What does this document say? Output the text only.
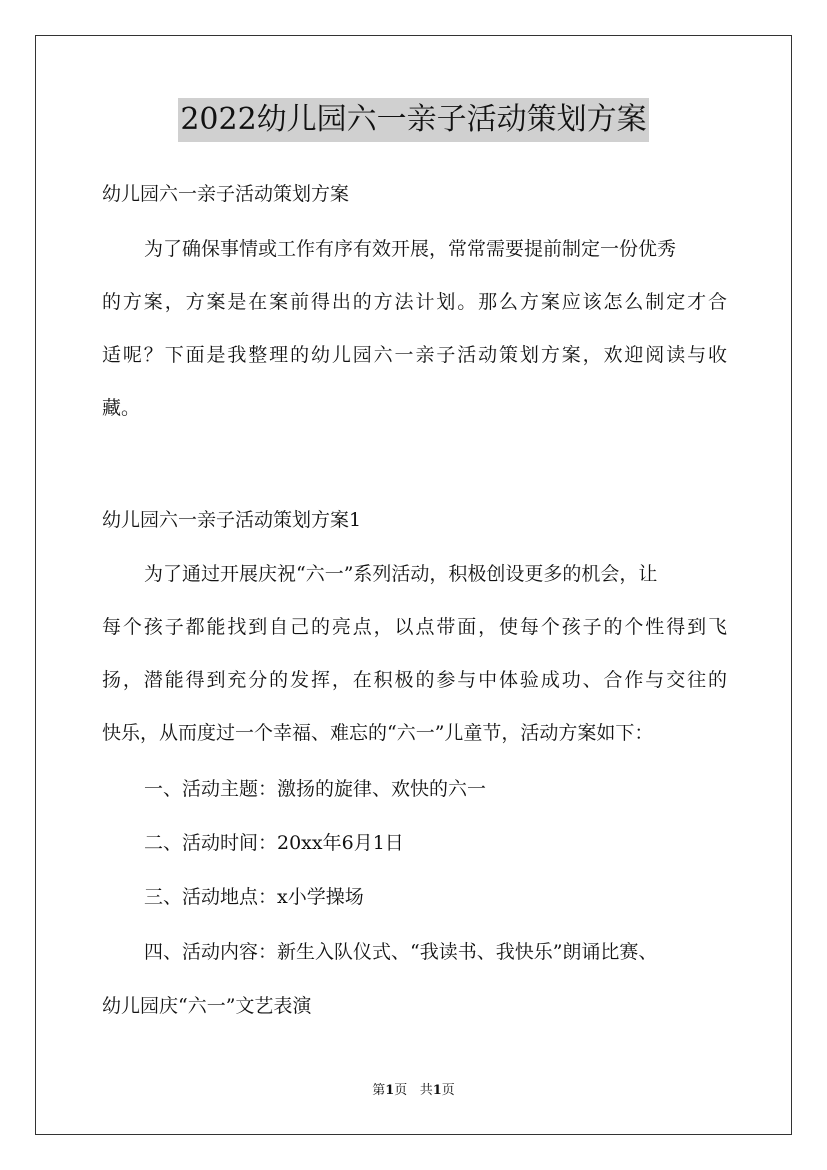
2022幼儿园六一亲子活动策划方案
幼儿园六一亲子活动策划方案
为了确保事情或工作有序有效开展，常常需要提前制定一份优秀
的方案，方案是在案前得出的方法计划。那么方案应该怎么制定才合
适呢？下面是我整理的幼儿园六一亲子活动策划方案，欢迎阅读与收
藏。
幼儿园六一亲子活动策划方案1
为了通过开展庆祝“六一”系列活动，积极创设更多的机会，让
每个孩子都能找到自己的亮点，以点带面，使每个孩子的个性得到飞
扬，潜能得到充分的发挥，在积极的参与中体验成功、合作与交往的
快乐，从而度过一个幸福、难忘的“六一”儿童节，活动方案如下：
一、活动主题：激扬的旋律、欢快的六一
二、活动时间：20xx年6月1日
三、活动地点：x小学操场
四、活动内容：新生入队仪式、“我读书、我快乐”朗诵比赛、
幼儿园庆“六一”文艺表演
第1页 共1页
